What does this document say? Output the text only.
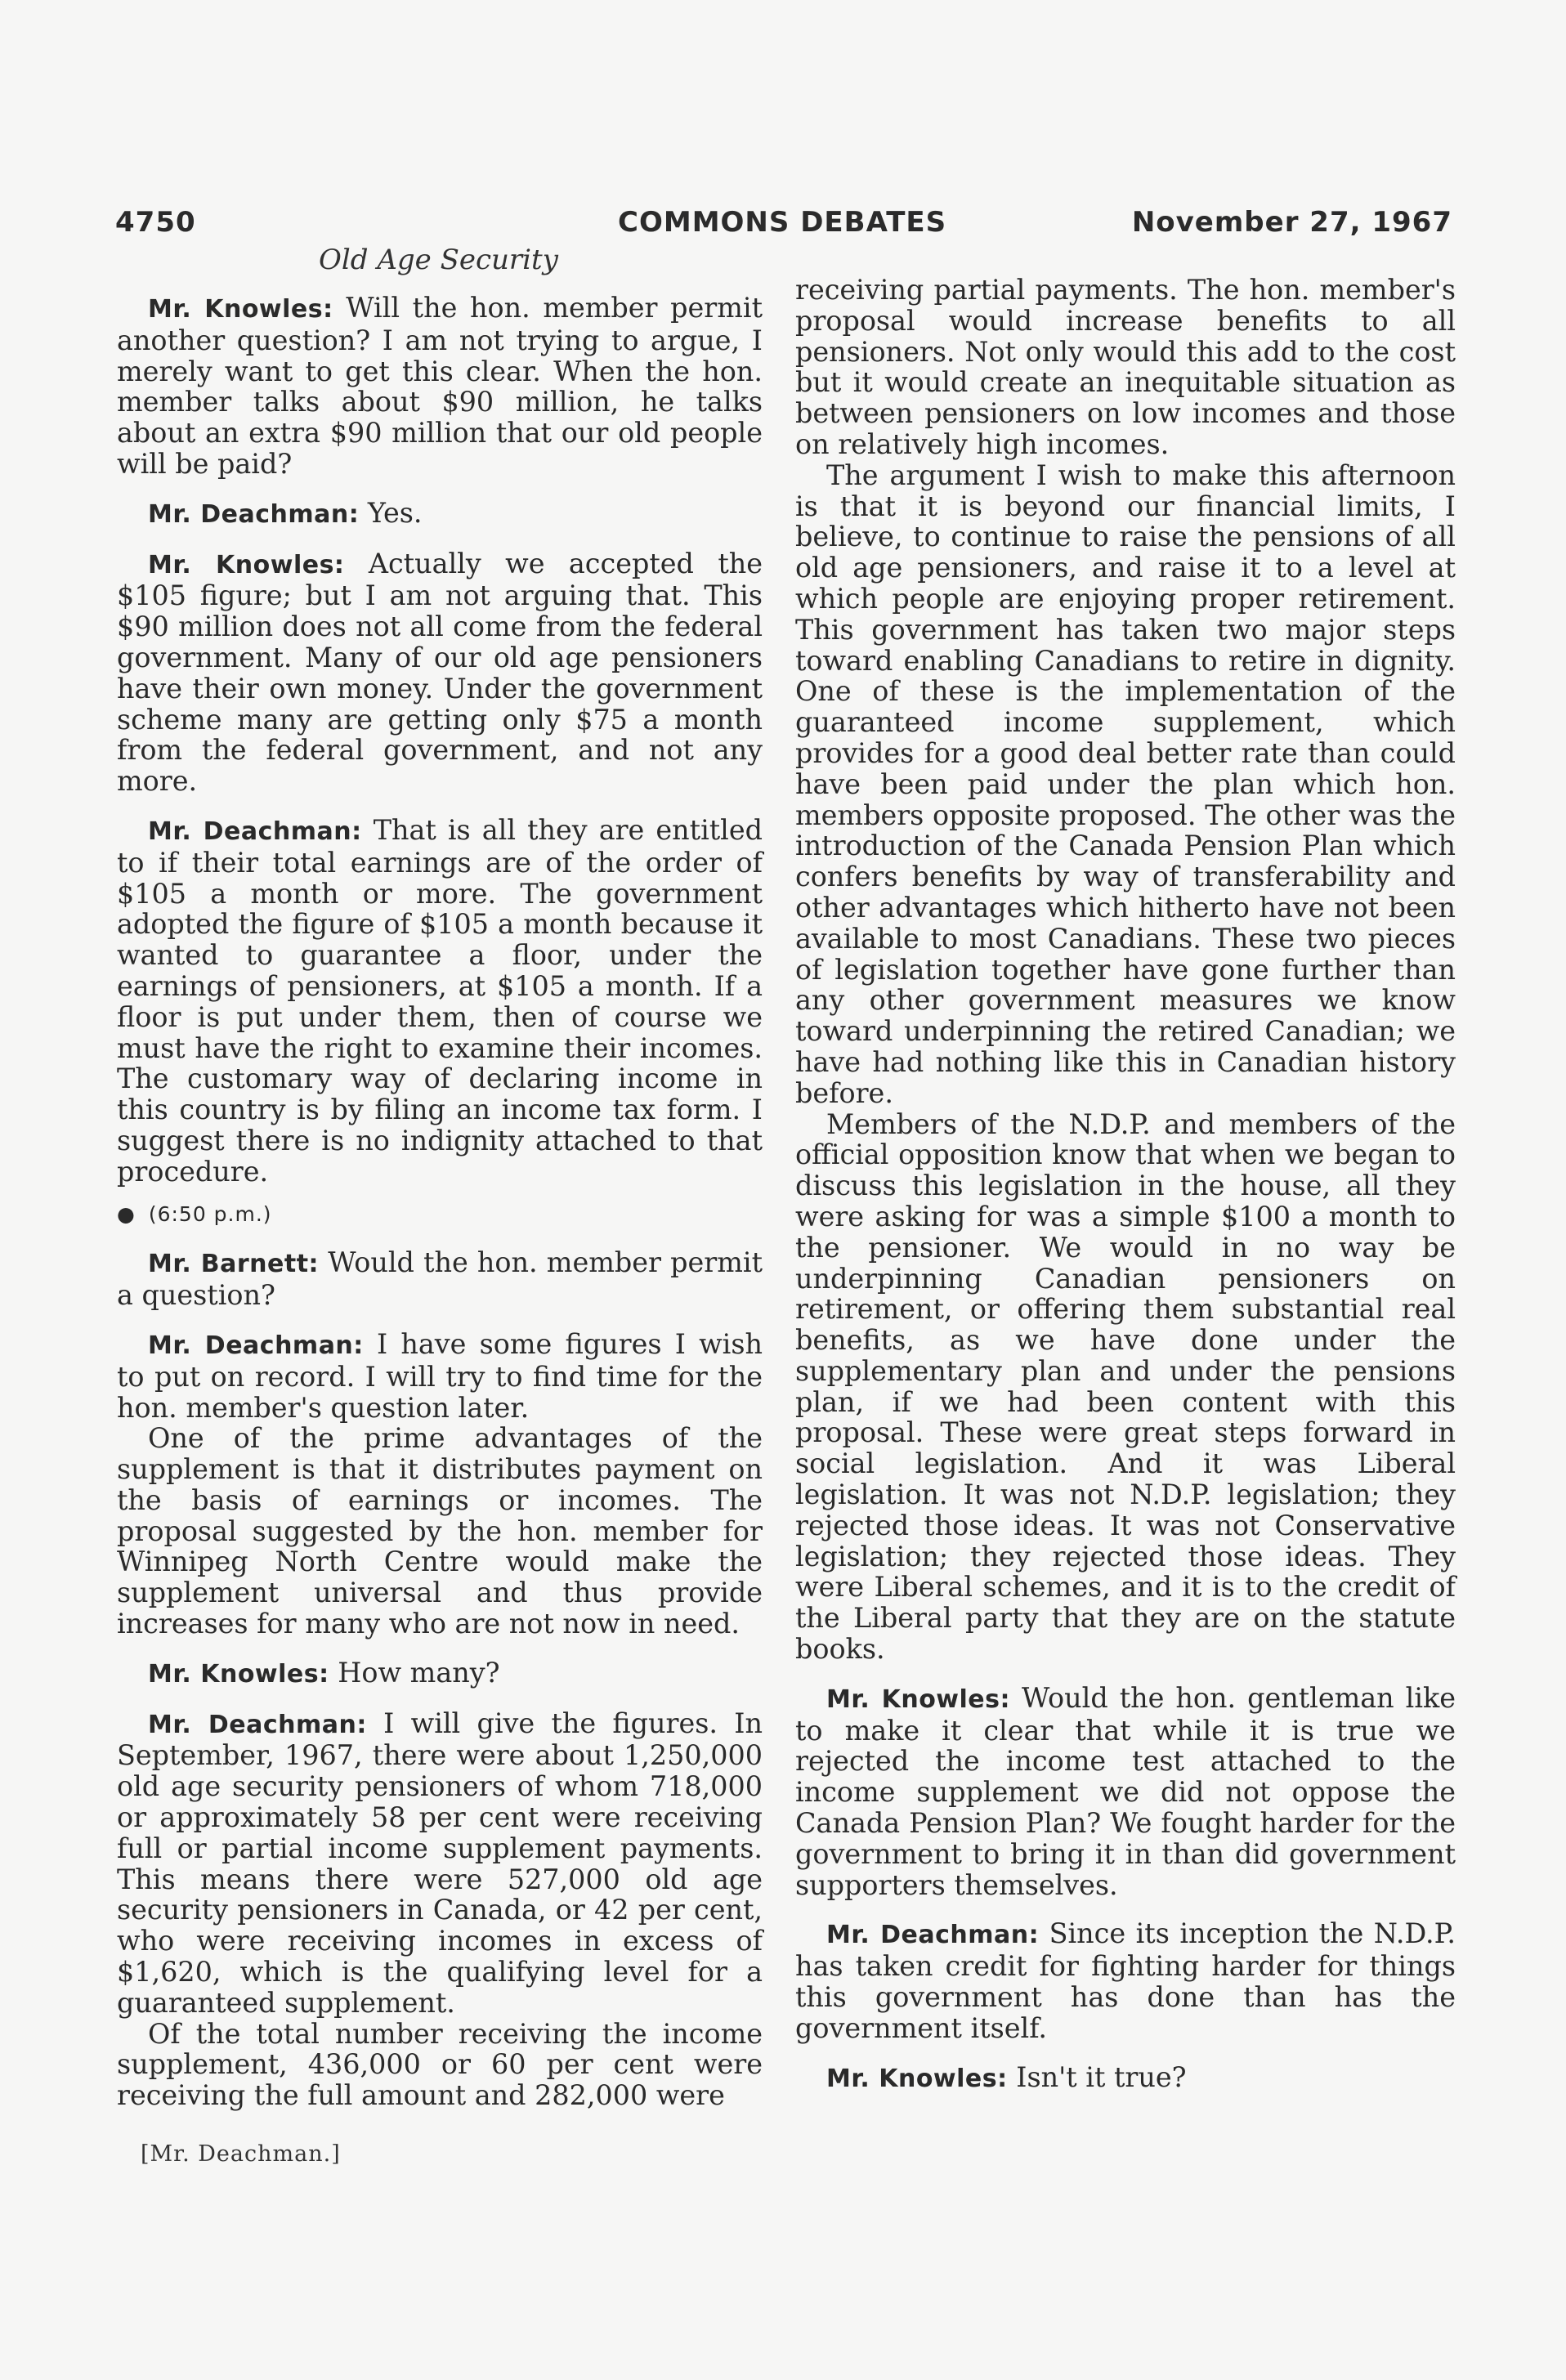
4750	COMMONS DEBATES	November 27, 1967
Old Age Security

Mr. Knowles: Will the hon. member permit another question? I am not trying to argue, I merely want to get this clear. When the hon. member talks about $90 million, he talks about an extra $90 million that our old people will be paid?

Mr. Deachman: Yes.

Mr. Knowles: Actually we accepted the $105 figure; but I am not arguing that. This $90 million does not all come from the federal government. Many of our old age pensioners have their own money. Under the government scheme many are getting only $75 a month from the federal government, and not any more.

Mr. Deachman: That is all they are entitled to if their total earnings are of the order of $105 a month or more. The government adopted the figure of $105 a month because it wanted to guarantee a floor, under the earnings of pensioners, at $105 a month. If a floor is put under them, then of course we must have the right to examine their incomes. The customary way of declaring income in this country is by filing an income tax form. I suggest there is no indignity attached to that procedure.

● (6:50 p.m.)

Mr. Barnett: Would the hon. member permit a question?

Mr. Deachman: I have some figures I wish to put on record. I will try to find time for the hon. member's question later.

One of the prime advantages of the supplement is that it distributes payment on the basis of earnings or incomes. The proposal suggested by the hon. member for Winnipeg North Centre would make the supplement universal and thus provide increases for many who are not now in need.

Mr. Knowles: How many?

Mr. Deachman: I will give the figures. In September, 1967, there were about 1,250,000 old age security pensioners of whom 718,000 or approximately 58 per cent were receiving full or partial income supplement payments. This means there were 527,000 old age security pensioners in Canada, or 42 per cent, who were receiving incomes in excess of $1,620, which is the qualifying level for a guaranteed supplement.

Of the total number receiving the income supplement, 436,000 or 60 per cent were receiving the full amount and 282,000 were

receiving partial payments. The hon. member's proposal would increase benefits to all pensioners. Not only would this add to the cost but it would create an inequitable situation as between pensioners on low incomes and those on relatively high incomes.

The argument I wish to make this afternoon is that it is beyond our financial limits, I believe, to continue to raise the pensions of all old age pensioners, and raise it to a level at which people are enjoying proper retirement. This government has taken two major steps toward enabling Canadians to retire in dignity. One of these is the implementation of the guaranteed income supplement, which provides for a good deal better rate than could have been paid under the plan which hon. members opposite proposed. The other was the introduction of the Canada Pension Plan which confers benefits by way of transferability and other advantages which hitherto have not been available to most Canadians. These two pieces of legislation together have gone further than any other government measures we know toward underpinning the retired Canadian; we have had nothing like this in Canadian history before.

Members of the N.D.P. and members of the official opposition know that when we began to discuss this legislation in the house, all they were asking for was a simple $100 a month to the pensioner. We would in no way be underpinning Canadian pensioners on retirement, or offering them substantial real benefits, as we have done under the supplementary plan and under the pensions plan, if we had been content with this proposal. These were great steps forward in social legislation. And it was Liberal legislation. It was not N.D.P. legislation; they rejected those ideas. It was not Conservative legislation; they rejected those ideas. They were Liberal schemes, and it is to the credit of the Liberal party that they are on the statute books.

Mr. Knowles: Would the hon. gentleman like to make it clear that while it is true we rejected the income test attached to the income supplement we did not oppose the Canada Pension Plan? We fought harder for the government to bring it in than did government supporters themselves.

Mr. Deachman: Since its inception the N.D.P. has taken credit for fighting harder for things this government has done than has the government itself.

Mr. Knowles: Isn't it true?

[Mr. Deachman.]
